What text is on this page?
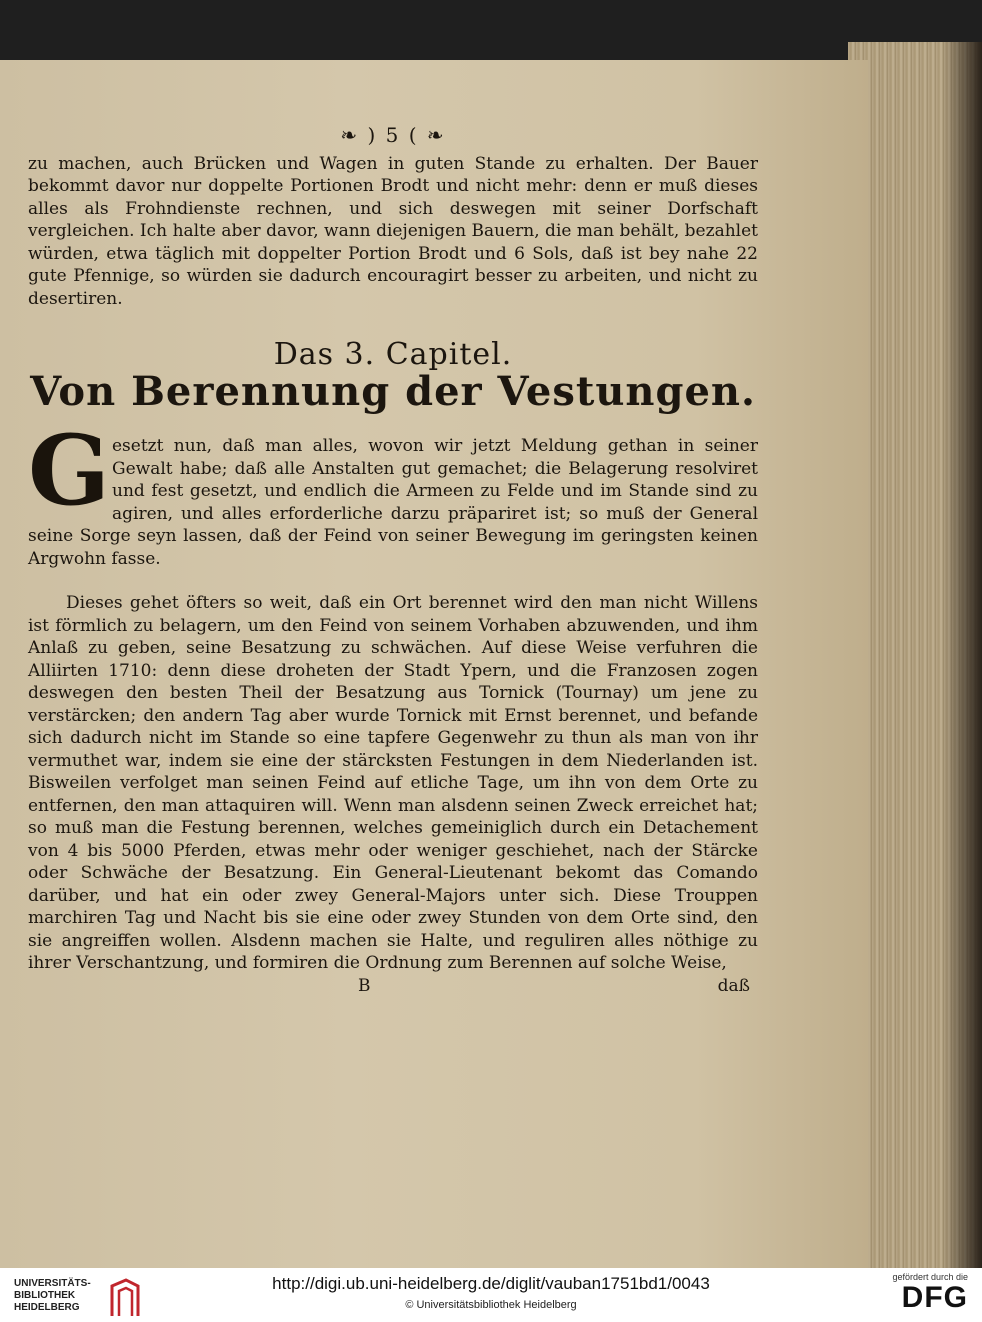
❧ ) 5 ( ❧

zu machen, auch Brücken und Wagen in guten Stande zu erhalten. Der Bauer bekommt davor nur doppelte Portionen Brodt und nicht mehr: denn er muß dieses alles als Frohndienste rechnen, und sich deswegen mit seiner Dorfschaft vergleichen. Ich halte aber davor, wann diejenigen Bauern, die man behält, bezahlet würden, etwa täglich mit doppelter Portion Brodt und 6 Sols, daß ist bey nahe 22 gute Pfennige, so würden sie dadurch encouragirt besser zu arbeiten, und nicht zu desertiren.

Das 3. Capitel.
Von Berennung der Vestungen.
G esetzt nun, daß man alles, wovon wir jetzt Meldung gethan in seiner Gewalt habe; daß alle Anstalten gut gemachet; die Belagerung resolviret und fest gesetzt, und endlich die Armeen zu Felde und im Stande sind zu agiren, und alles erforderliche darzu präpariret ist; so muß der General seine Sorge seyn lassen, daß der Feind von seiner Bewegung im geringsten keinen Argwohn fasse.

Dieses gehet öfters so weit, daß ein Ort berennet wird den man nicht Willens ist förmlich zu belagern, um den Feind von seinem Vorhaben abzuwenden, und ihm Anlaß zu geben, seine Besatzung zu schwächen. Auf diese Weise verfuhren die Alliirten 1710: denn diese droheten der Stadt Ypern, und die Franzosen zogen deswegen den besten Theil der Besatzung aus Tornick (Tournay) um jene zu verstärcken; den andern Tag aber wurde Tornick mit Ernst berennet, und befande sich dadurch nicht im Stande so eine tapfere Gegenwehr zu thun als man von ihr vermuthet war, indem sie eine der stärcksten Festungen in dem Niederlanden ist. Bisweilen verfolget man seinen Feind auf etliche Tage, um ihn von dem Orte zu entfernen, den man attaquiren will. Wenn man alsdenn seinen Zweck erreichet hat; so muß man die Festung berennen, welches gemeiniglich durch ein Detachement von 4 bis 5000 Pferden, etwas mehr oder weniger geschiehet, nach der Stärcke oder Schwäche der Besatzung. Ein General-Lieutenant bekomt das Comando darüber, und hat ein oder zwey General-Majors unter sich. Diese Trouppen marchiren Tag und Nacht bis sie eine oder zwey Stunden von dem Orte sind, den sie angreiffen wollen. Alsdenn machen sie Halte, und reguliren alles nöthige zu ihrer Verschantzung, und formiren die Ordnung zum Berennen auf solche Weise,

B	daß
UNIVERSITÄTS-
BIBLIOTHEK
HEIDELBERG
http://digi.ub.uni-heidelberg.de/diglit/vauban1751bd1/0043
© Universitätsbibliothek Heidelberg
gefördert durch die
DFG
